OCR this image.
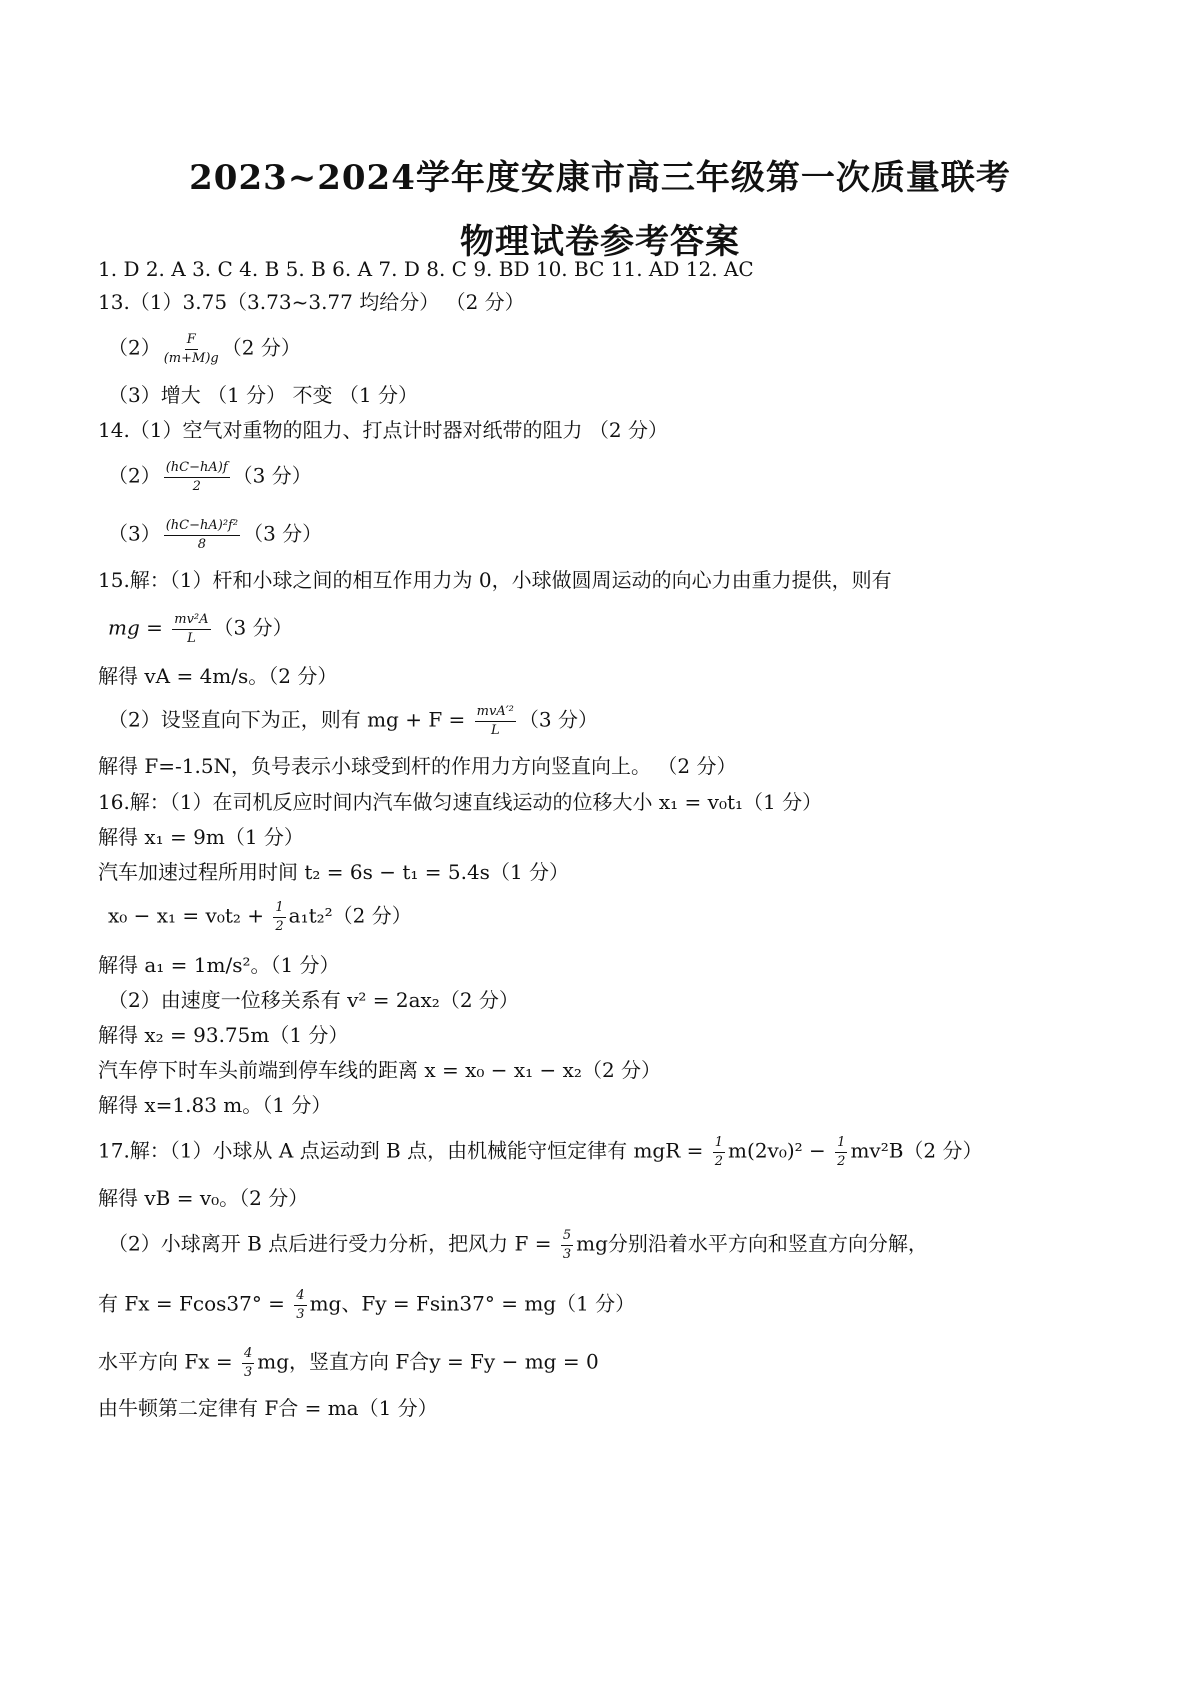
2023~2024学年度安康市高三年级第一次质量联考
物理试卷参考答案
1. D 2. A 3. C 4. B 5. B 6. A 7. D 8. C 9. BD 10. BC 11. AD 12. AC
13.（1）3.75（3.73~3.77 均给分） （2 分）
$(2) \frac{F}{(m+M)g} (2$ 分）
（3）增大 （1 分） 不变 （1 分）
14.（1）空气对重物的阻力、打点计时器对纸带的阻力 （2 分）
$(2) \frac{(hC-hA)f}{2} (3$ 分）
$(3) \frac{\text{(hC−hA)²f²}}{8} (3$ 分）
15.解：（1）杆和小球之间的相互作用力为 0，小球做圆周运动的向心力由重力提供，则有
mg = $\frac{\text{mv²A}}{L} (3$ 分）
解得 vA = 4m/s。（2 分）
（2）设竖直向下为正，则有 mg + $F = \frac{\text{mvA′²}}{L} (3$ 分）
解得 F=-1.5N，负号表示小球受到杆的作用力方向竖直向上。 （2 分）
16.解：（1）在司机反应时间内汽车做匀速直线运动的位移大小 x₁ = v₀t₁（1 分）
解得 x₁ = 9m（1 分）
汽车加速过程所用时间 t₂ = 6s − t₁ = 5.4s（1 分）
$x_0 - x_1 = v_0t_2 + \frac{1}{2} a_1t_2^2(2$ 分）
解得 a₁ = 1m/s²。（1 分）
（2）由速度一位移关系有 v² = 2ax₂（2 分）
解得 x₂ = 93.75m（1 分）
汽车停下时车头前端到停车线的距离 x = x₀ − x₁ − x₂（2 分）
解得 x=1.83 m。（1 分）
17.解：（1）小球从 A 点运动到 B 点，由机械能守恒定律有 mgR = $\frac{1}{2} m(2v_0)^2 - \frac{1}{2} mv^2B(2$ 分）
解得 vB = v₀。（2 分）
（2）小球离开 B 点后进行受力分析，把风力 $F = \frac{5}{3}$ mg分别沿着水平方向和竖直方向分解，
有 $Fx = Fcos37^\circ = \frac{4}{3}$ mg、Fy = Fsin37° = mg（1 分）
水平方向 $Fx = \frac{4}{3}$ mg，竖直方向 F合y = Fy − mg = 0
由牛顿第二定律有 F合 = ma（1 分）
